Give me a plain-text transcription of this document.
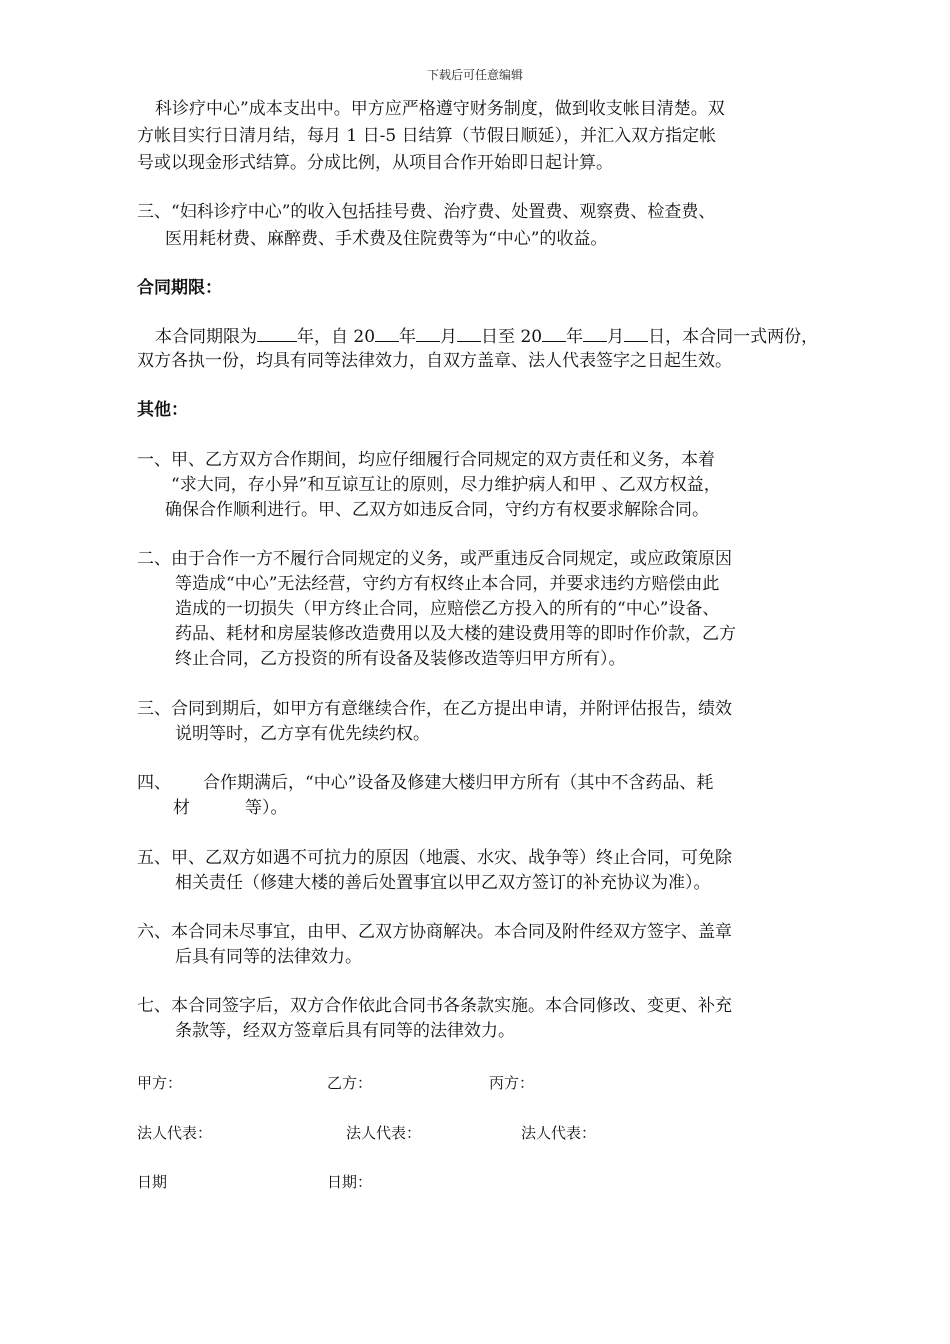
下载后可任意编辑
科诊疗中心”成本支出中。甲方应严格遵守财务制度，做到收支帐目清楚。双
方帐目实行日清月结，每月 1 日-5 日结算（节假日顺延），并汇入双方指定帐
号或以现金形式结算。分成比例，从项目合作开始即日起计算。
三、“妇科诊疗中心”的收入包括挂号费、治疗费、处置费、观察费、检查费、
医用耗材费、麻醉费、手术费及住院费等为“中心”的收益。
合同期限：
本合同期限为 年，自 20 年 月 日至 20 年 月 日，本合同一式两份，
双方各执一份，均具有同等法律效力，自双方盖章、法人代表签字之日起生效。
其他：
一、甲、乙方双方合作期间，均应仔细履行合同规定的双方责任和义务，本着
“求大同，存小异”和互谅互让的原则，尽力维护病人和甲 、乙双方权益，
确保合作顺利进行。甲、乙双方如违反合同，守约方有权要求解除合同。
二、由于合作一方不履行合同规定的义务，或严重违反合同规定，或应政策原因
等造成“中心”无法经营，守约方有权终止本合同，并要求违约方赔偿由此
造成的一切损失（甲方终止合同，应赔偿乙方投入的所有的“中心”设备、
药品、耗材和房屋装修改造费用以及大楼的建设费用等的即时作价款，乙方
终止合同，乙方投资的所有设备及装修改造等归甲方所有）。
三、合同到期后，如甲方有意继续合作，在乙方提出申请，并附评估报告，绩效
说明等时，乙方享有优先续约权。
四、 合作期满后，“中心”设备及修建大楼归甲方所有（其中不含药品、耗
材	等）。
五、甲、乙双方如遇不可抗力的原因（地震、水灾、战争等）终止合同，可免除
相关责任（修建大楼的善后处置事宜以甲乙双方签订的补充协议为准）。
六、本合同未尽事宜，由甲、乙双方协商解决。本合同及附件经双方签字、盖章
后具有同等的法律效力。
七、本合同签字后，双方合作依此合同书各条款实施。本合同修改、变更、补充
条款等，经双方签章后具有同等的法律效力。
甲方：	乙方：	丙方：
法人代表：	法人代表：	法人代表：
日期	日期：
